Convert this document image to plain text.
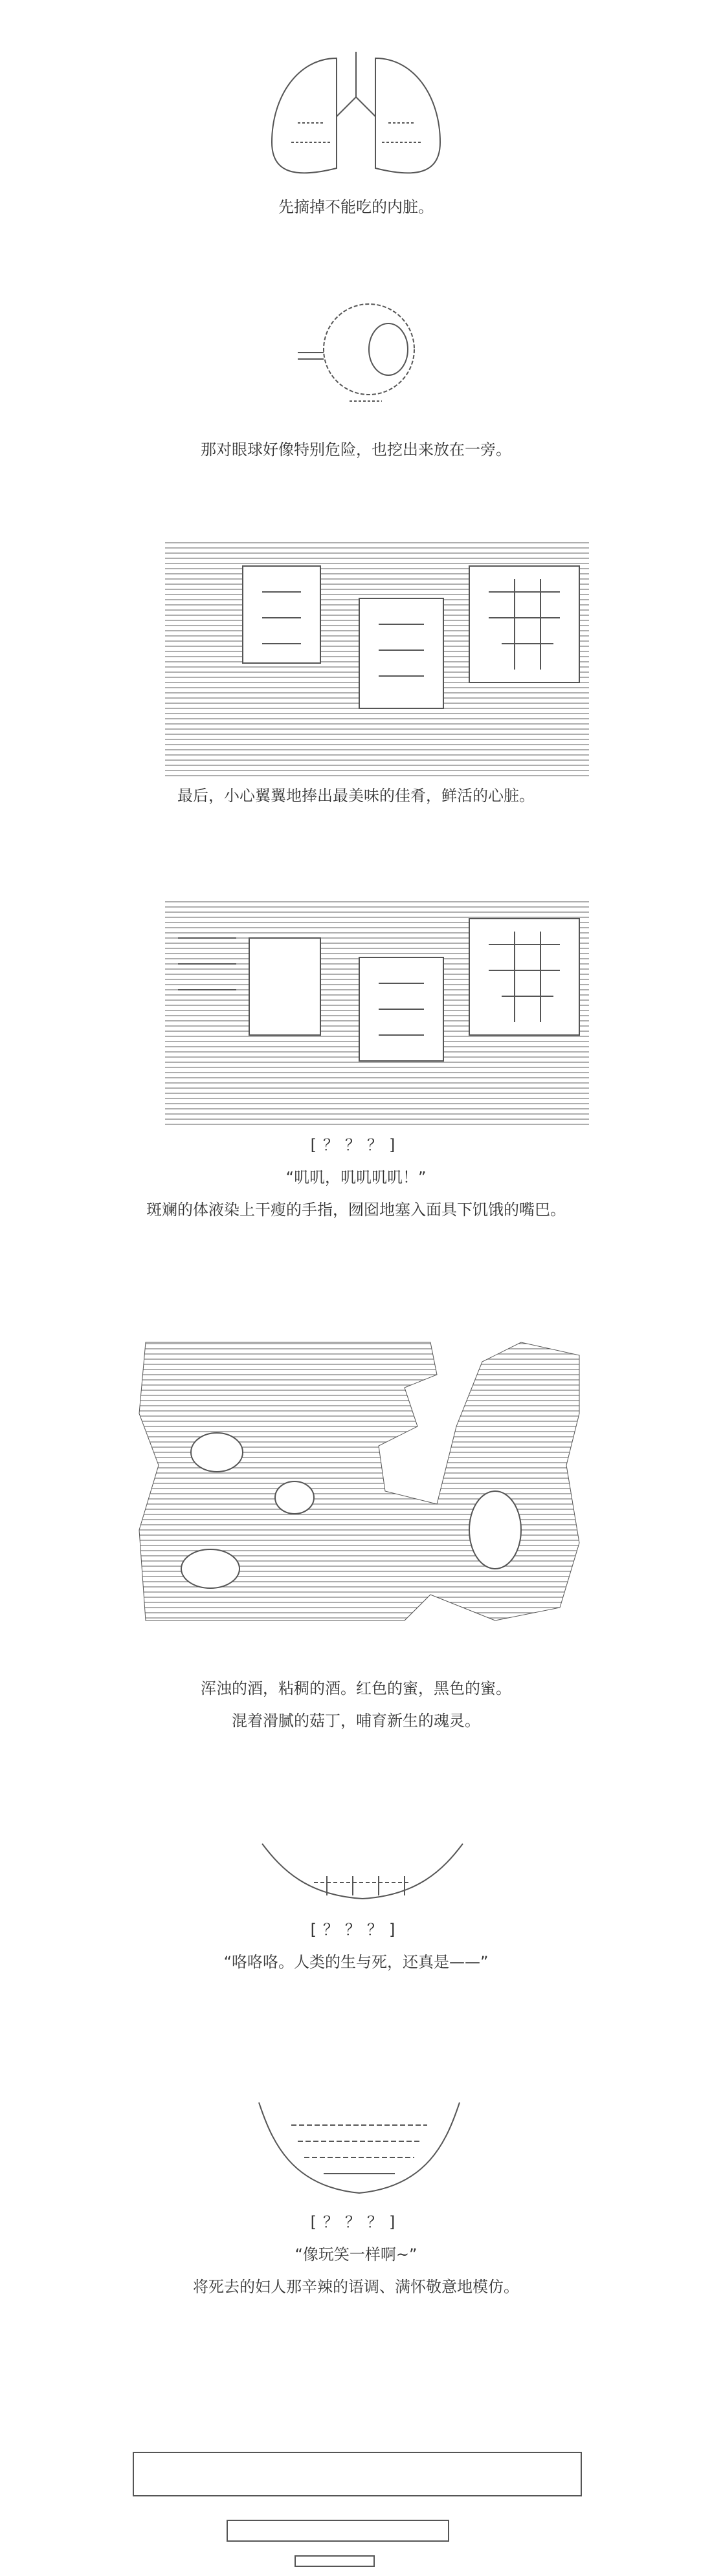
先摘掉不能吃的内脏。
那对眼球好像特别危险，也挖出来放在一旁。
最后，小心翼翼地捧出最美味的佳肴，鲜活的心脏。
[？？？]
“叽叽，叽叽叽叽！”
斑斓的体液染上干瘦的手指，囫囵地塞入面具下饥饿的嘴巴。
浑浊的酒，粘稠的酒。红色的蜜，黑色的蜜。
混着滑腻的菇丁，哺育新生的魂灵。
[？？？]
“咯咯咯。人类的生与死，还真是——”
[？？？]
“像玩笑一样啊~”
将死去的妇人那辛辣的语调、满怀敬意地模仿。
